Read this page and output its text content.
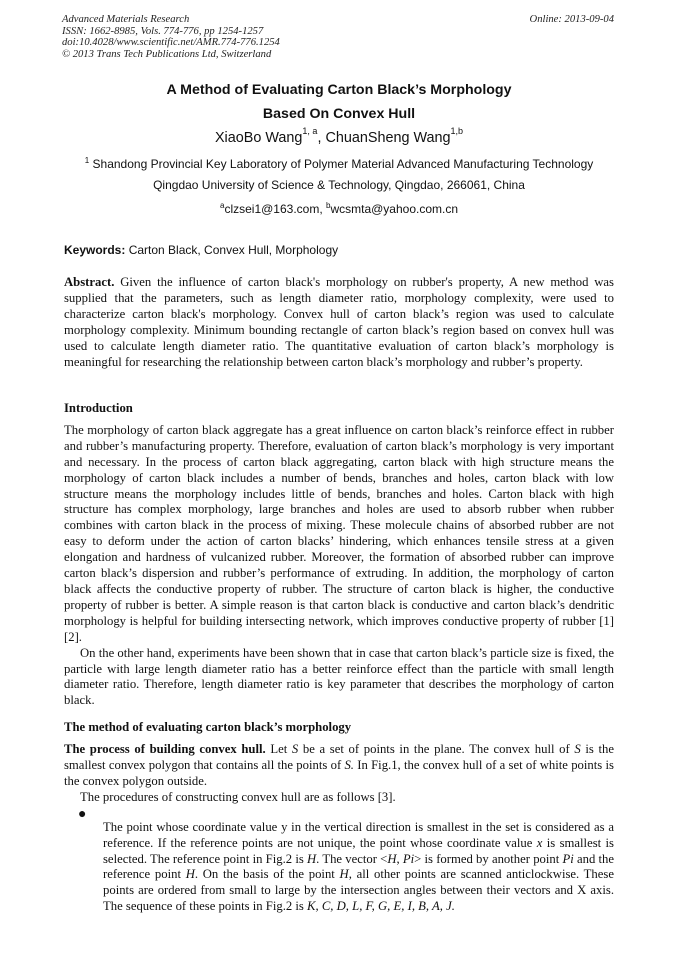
Advanced Materials Research
ISSN: 1662-8985, Vols. 774-776, pp 1254-1257
doi:10.4028/www.scientific.net/AMR.774-776.1254
© 2013 Trans Tech Publications Ltd, Switzerland
Online: 2013-09-04
A Method of Evaluating Carton Black’s Morphology
Based On Convex Hull
XiaoBo Wang$^{1, a}$, ChuanSheng Wang$^{1,b}$
$^1$ Shandong Provincial Key Laboratory of Polymer Material Advanced Manufacturing Technology
Qingdao University of Science & Technology, Qingdao, 266061, China
$^a$clzsei1@163.com, $^b$wcsmta@yahoo.com.cn
Keywords: Carton Black, Convex Hull, Morphology

Abstract. Given the influence of carton black's morphology on rubber's property, A new method was supplied that the parameters, such as length diameter ratio, morphology complexity, were used to characterize carton black's morphology. Convex hull of carton black’s region was used to calculate morphology complexity. Minimum bounding rectangle of carton black’s region based on convex hull was used to calculate length diameter ratio. The quantitative evaluation of carton black’s morphology is meaningful for researching the relationship between carton black’s morphology and rubber’s property.

Introduction

The morphology of carton black aggregate has a great influence on carton black’s reinforce effect in rubber and rubber’s manufacturing property. Therefore, evaluation of carton black’s morphology is very important and necessary. In the process of carton black aggregating, carton black with high structure means the morphology of carton black includes a number of bends, branches and holes, carton black with low structure means the morphology includes little of bends, branches and holes. Carton black with high structure has complex morphology, large branches and holes are used to absorb rubber when rubber combines with carton black in the process of mixing. These molecule chains of absorbed rubber are not easy to deform under the action of carton blacks’ hindering, which enhances tensile stress at a given elongation and hardness of vulcanized rubber. Moreover, the formation of absorbed rubber can improve carton black’s dispersion and rubber’s performance of extruding. In addition, the morphology of carton black affects the conductive property of rubber. The structure of carton black is higher, the conductive property of rubber is better. A simple reason is that carton black is conductive and carton black’s dendritic morphology is helpful for building intersecting network, which improves conductive property of rubber [1][2].

On the other hand, experiments have been shown that in case that carton black’s particle size is fixed, the particle with large length diameter ratio has a better reinforce effect than the particle with small length diameter ratio. Therefore, length diameter ratio is key parameter that describes the morphology of carton black.

The method of evaluating carton black’s morphology

The process of building convex hull. Let S be a set of points in the plane. The convex hull of S is the smallest convex polygon that contains all the points of S. In Fig.1, the convex hull of a set of white points is the convex polygon outside.

The procedures of constructing convex hull are as follows [3].

●

The point whose coordinate value y in the vertical direction is smallest in the set is considered as a reference. If the reference points are not unique, the point whose coordinate value x is smallest is selected. The reference point in Fig.2 is H. The vector <H, Pi> is formed by another point Pi and the reference point H. On the basis of the point H, all other points are scanned anticlockwise. These points are ordered from small to large by the intersection angles between their vectors and X axis. The sequence of these points in Fig.2 is K, C, D, L, F, G, E, I, B, A, J.
